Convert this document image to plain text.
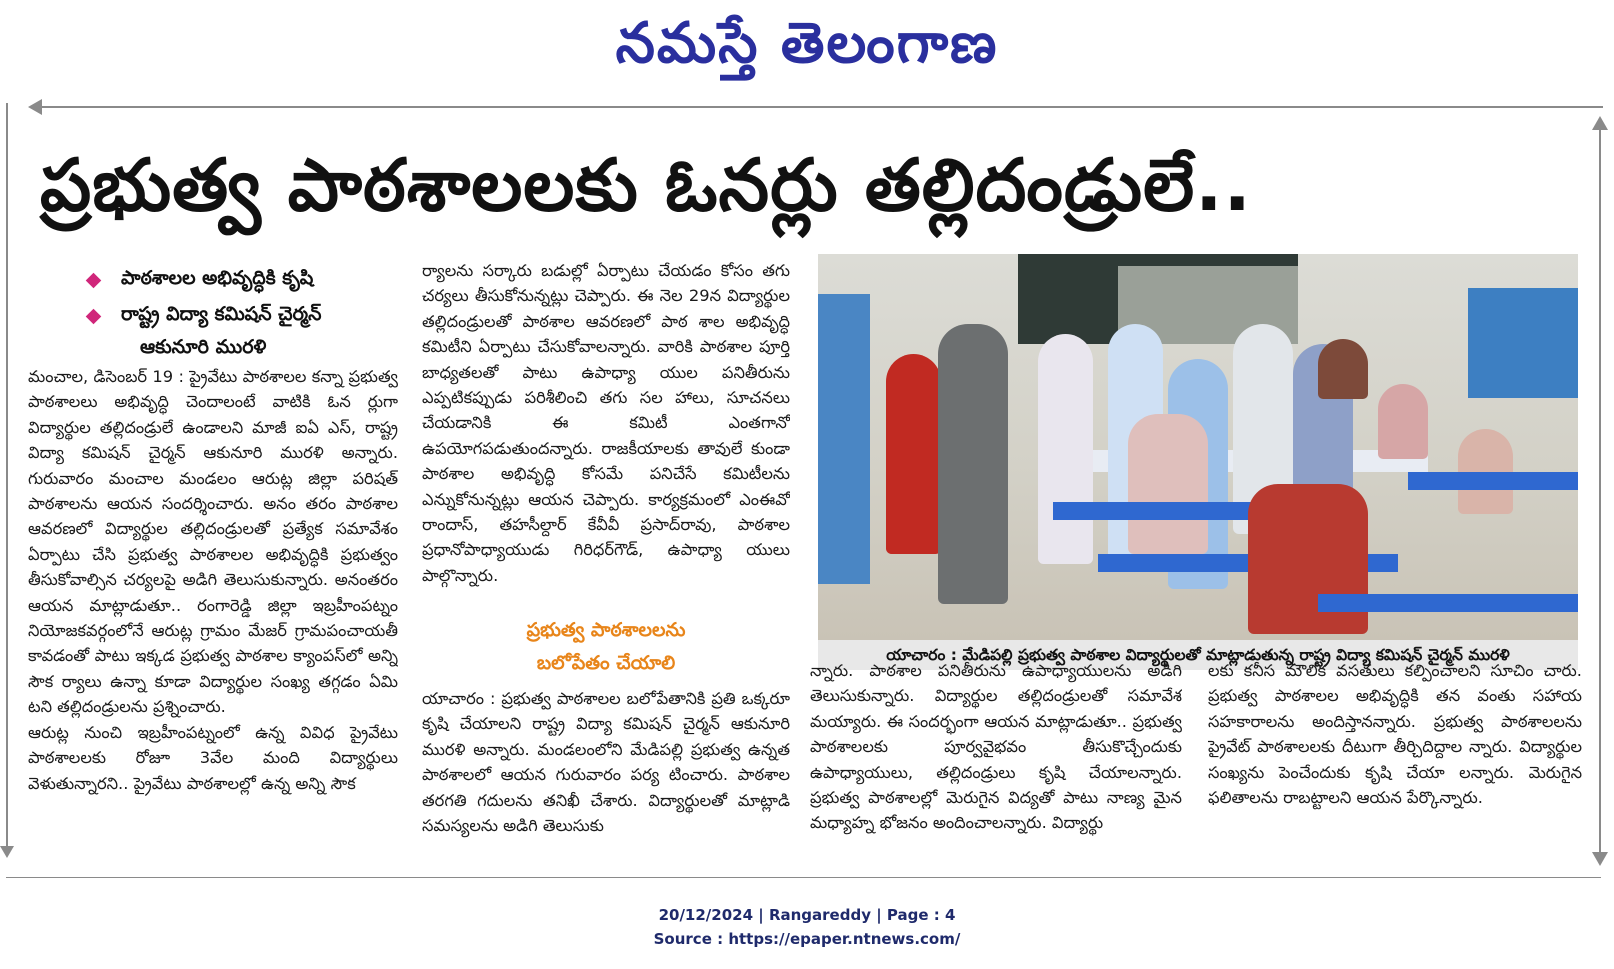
నమస్తే తెలంగాణ
ప్రభుత్వ పాఠశాలలకు ఓనర్లు తల్లిదండ్రులే..
పాఠశాలల అభివృద్ధికి కృషి
రాష్ట్ర విద్యా కమిషన్ చైర్మన్
ఆకునూరి మురళి

మంచాల, డిసెంబర్ 19 : ప్రైవేటు పాఠశాలల కన్నా ప్రభుత్వ పాఠశాలలు అభివృద్ధి చెందాలంటే వాటికి ఓన ర్లుగా విద్యార్థుల తల్లిదండ్రులే ఉండాలని మాజీ ఐఏ ఎస్, రాష్ట్ర విద్యా కమిషన్ చైర్మన్ ఆకునూరి మురళి అన్నారు. గురువారం మంచాల మండలం ఆరుట్ల జిల్లా పరిషత్ పాఠశాలను ఆయన సందర్శించారు. అనం తరం పాఠశాల ఆవరణలో విద్యార్థుల తల్లిదండ్రులతో ప్రత్యేక సమావేశం ఏర్పాటు చేసి ప్రభుత్వ పాఠశాలల అభివృద్ధికి ప్రభుత్వం తీసుకోవాల్సిన చర్యలపై అడిగి తెలుసుకున్నారు. అనంతరం ఆయన మాట్లాడుతూ.. రంగారెడ్డి జిల్లా ఇబ్రహీంపట్నం నియోజకవర్గంలోనే ఆరుట్ల గ్రామం మేజర్ గ్రామపంచాయతీ కావడంతో పాటు ఇక్కడ ప్రభుత్వ పాఠశాల క్యాంపస్‌లో అన్ని సౌక ర్యాలు ఉన్నా కూడా విద్యార్థుల సంఖ్య తగ్గడం ఏమి టని తల్లిదండ్రులను ప్రశ్నించారు.

ఆరుట్ల నుంచి ఇబ్రహీంపట్నంలో ఉన్న వివిధ ప్రైవేటు పాఠశాలలకు రోజూ 3వేల మంది విద్యార్థులు వెళుతున్నారని.. ప్రైవేటు పాఠశాలల్లో ఉన్న అన్ని సౌక

ర్యాలను సర్కారు బడుల్లో ఏర్పాటు చేయడం కోసం తగు చర్యలు తీసుకోనున్నట్లు చెప్పారు. ఈ నెల 29న విద్యార్థుల తల్లిదండ్రులతో పాఠశాల ఆవరణలో పాఠ శాల అభివృద్ధి కమిటీని ఏర్పాటు చేసుకోవాలన్నారు. వారికి పాఠశాల పూర్తి బాధ్యతలతో పాటు ఉపాధ్యా యుల పనితీరును ఎప్పటికప్పుడు పరిశీలించి తగు సల హాలు, సూచనలు చేయడానికి ఈ కమిటీ ఎంతగానో ఉపయోగపడుతుందన్నారు. రాజకీయాలకు తావులే కుండా పాఠశాల అభివృద్ధి కోసమే పనిచేసే కమిటీలను ఎన్నుకోనున్నట్లు ఆయన చెప్పారు. కార్యక్రమంలో ఎంఈవో రాందాస్, తహసీల్దార్ కేవీవీ ప్రసాద్‌రావు, పాఠశాల ప్రధానోపాధ్యాయుడు గిరిధర్‌గౌడ్, ఉపాధ్యా యులు పాల్గొన్నారు.

ప్రభుత్వ పాఠశాలలను
బలోపేతం చేయాలి

యాచారం : ప్రభుత్వ పాఠశాలల బలోపేతానికి ప్రతి ఒక్కరూ కృషి చేయాలని రాష్ట్ర విద్యా కమిషన్ చైర్మన్ ఆకునూరి మురళి అన్నారు. మండలంలోని మేడిపల్లి ప్రభుత్వ ఉన్నత పాఠశాలలో ఆయన గురువారం పర్య టించారు. పాఠశాల తరగతి గదులను తనిఖీ చేశారు. విద్యార్థులతో మాట్లాడి సమస్యలను అడిగి తెలుసుకు

యాచారం : మేడిపల్లి ప్రభుత్వ పాఠశాల విద్యార్థులతో మాట్లాడుతున్న రాష్ట్ర విద్యా కమిషన్ చైర్మన్ మురళి

న్నారు. పాఠశాల పనితీరును ఉపాధ్యాయులను అడిగి తెలుసుకున్నారు. విద్యార్థుల తల్లిదండ్రులతో సమావేశ మయ్యారు. ఈ సందర్భంగా ఆయన మాట్లాడుతూ.. ప్రభుత్వ పాఠశాలలకు పూర్వవైభవం తీసుకొచ్చేందుకు ఉపాధ్యాయులు, తల్లిదండ్రులు కృషి చేయాలన్నారు. ప్రభుత్వ పాఠశాలల్లో మెరుగైన విద్యతో పాటు నాణ్య మైన మధ్యాహ్న భోజనం అందించాలన్నారు. విద్యార్థు

లకు కనీస మౌలిక వసతులు కల్పించాలని సూచిం చారు. ప్రభుత్వ పాఠశాలల అభివృద్ధికి తన వంతు సహాయ సహకారాలను అందిస్తానన్నారు. ప్రభుత్వ పాఠశాలలను ప్రైవేట్ పాఠశాలలకు దీటుగా తీర్చిదిద్దాల న్నారు. విద్యార్థుల సంఖ్యను పెంచేందుకు కృషి చేయా లన్నారు. మెరుగైన ఫలితాలను రాబట్టాలని ఆయన పేర్కొన్నారు.

20/12/2024 | Rangareddy | Page : 4
Source : https://epaper.ntnews.com/
